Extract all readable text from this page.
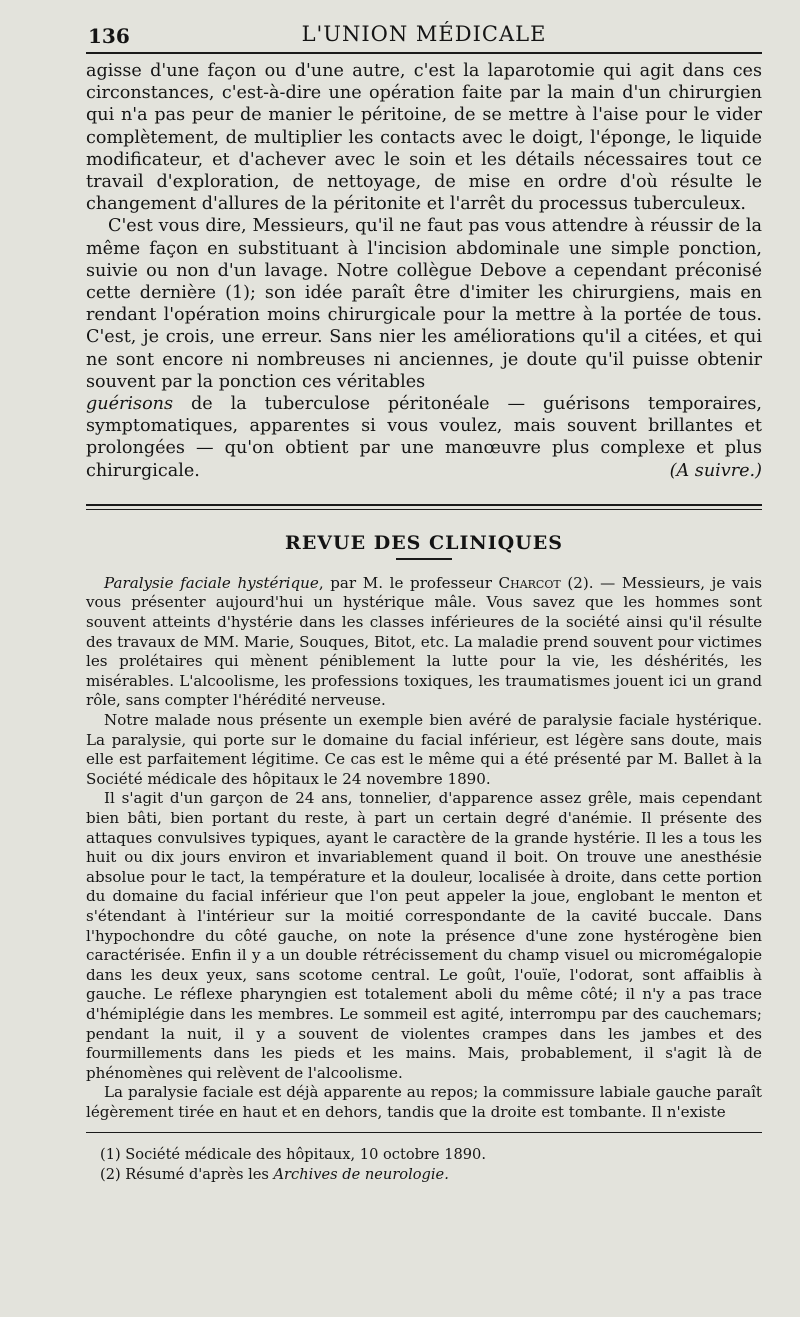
136	L'UNION MÉDICALE

agisse d'une façon ou d'une autre, c'est la laparotomie qui agit dans ces circonstances, c'est-à-dire une opération faite par la main d'un chirurgien qui n'a pas peur de manier le péritoine, de se mettre à l'aise pour le vider complètement, de multiplier les contacts avec le doigt, l'éponge, le liquide modificateur, et d'achever avec le soin et les détails nécessaires tout ce travail d'exploration, de nettoyage, de mise en ordre d'où résulte le changement d'allures de la péritonite et l'arrêt du processus tuberculeux.

C'est vous dire, Messieurs, qu'il ne faut pas vous attendre à réussir de la même façon en substituant à l'incision abdominale une simple ponction, suivie ou non d'un lavage. Notre collègue Debove a cependant préconisé cette dernière (1); son idée paraît être d'imiter les chirurgiens, mais en rendant l'opération moins chirurgicale pour la mettre à la portée de tous. C'est, je crois, une erreur. Sans nier les améliorations qu'il a citées, et qui ne sont encore ni nombreuses ni anciennes, je doute qu'il puisse obtenir souvent par la ponction ces véritables

guérisons de la tuberculose péritonéale — guérisons temporaires, symptomatiques, apparentes si vous voulez, mais souvent brillantes et prolongées — qu'on obtient par une manœuvre plus complexe et plus chirurgicale.	(A suivre.)

REVUE DES CLINIQUES

Paralysie faciale hystérique, par M. le professeur Charcot (2). — Messieurs, je vais vous présenter aujourd'hui un hystérique mâle. Vous savez que les hommes sont souvent atteints d'hystérie dans les classes inférieures de la société ainsi qu'il résulte des travaux de MM. Marie, Souques, Bitot, etc. La maladie prend souvent pour victimes les prolétaires qui mènent péniblement la lutte pour la vie, les déshérités, les misérables. L'alcoolisme, les professions toxiques, les traumatismes jouent ici un grand rôle, sans compter l'hérédité nerveuse.

Notre malade nous présente un exemple bien avéré de paralysie faciale hystérique. La paralysie, qui porte sur le domaine du facial inférieur, est légère sans doute, mais elle est parfaitement légitime. Ce cas est le même qui a été présenté par M. Ballet à la Société médicale des hôpitaux le 24 novembre 1890.

Il s'agit d'un garçon de 24 ans, tonnelier, d'apparence assez grêle, mais cependant bien bâti, bien portant du reste, à part un certain degré d'anémie. Il présente des attaques convulsives typiques, ayant le caractère de la grande hystérie. Il les a tous les huit ou dix jours environ et invariablement quand il boit. On trouve une anesthésie absolue pour le tact, la température et la douleur, localisée à droite, dans cette portion du domaine du facial inférieur que l'on peut appeler la joue, englobant le menton et s'étendant à l'intérieur sur la moitié correspondante de la cavité buccale. Dans l'hypochondre du côté gauche, on note la présence d'une zone hystérogène bien caractérisée. Enfin il y a un double rétrécissement du champ visuel ou micromégalopie dans les deux yeux, sans scotome central. Le goût, l'ouïe, l'odorat, sont affaiblis à gauche. Le réflexe pharyngien est totalement aboli du même côté; il n'y a pas trace d'hémiplégie dans les membres. Le sommeil est agité, interrompu par des cauchemars; pendant la nuit, il y a souvent de violentes crampes dans les jambes et des fourmillements dans les pieds et les mains. Mais, probablement, il s'agit là de phénomènes qui relèvent de l'alcoolisme.

La paralysie faciale est déjà apparente au repos; la commissure labiale gauche paraît légèrement tirée en haut et en dehors, tandis que la droite est tombante. Il n'existe

(1) Société médicale des hôpitaux, 10 octobre 1890.

(2) Résumé d'après les Archives de neurologie.
